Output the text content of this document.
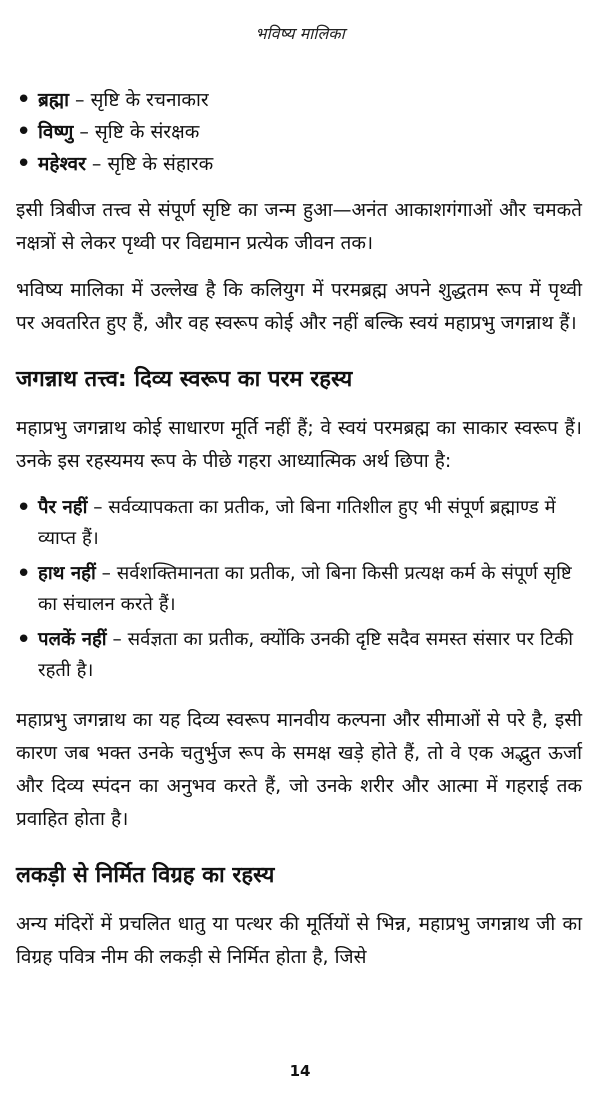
भविष्य मालिका
• ब्रह्मा – सृष्टि के रचनाकार
• विष्णु – सृष्टि के संरक्षक
• महेश्वर – सृष्टि के संहारक

इसी त्रिबीज तत्त्व से संपूर्ण सृष्टि का जन्म हुआ—अनंत आकाशगंगाओं और चमकते नक्षत्रों से लेकर पृथ्वी पर विद्यमान प्रत्येक जीवन तक।

भविष्य मालिका में उल्लेख है कि कलियुग में परमब्रह्म अपने शुद्धतम रूप में पृथ्वी पर अवतरित हुए हैं, और वह स्वरूप कोई और नहीं बल्कि स्वयं महाप्रभु जगन्नाथ हैं।

जगन्नाथ तत्त्व: दिव्य स्वरूप का परम रहस्य

महाप्रभु जगन्नाथ कोई साधारण मूर्ति नहीं हैं; वे स्वयं परमब्रह्म का साकार स्वरूप हैं। उनके इस रहस्यमय रूप के पीछे गहरा आध्यात्मिक अर्थ छिपा है:

• पैर नहीं – सर्वव्यापकता का प्रतीक, जो बिना गतिशील हुए भी संपूर्ण ब्रह्माण्ड में व्याप्त हैं।
• हाथ नहीं – सर्वशक्तिमानता का प्रतीक, जो बिना किसी प्रत्यक्ष कर्म के संपूर्ण सृष्टि का संचालन करते हैं।
• पलकें नहीं – सर्वज्ञता का प्रतीक, क्योंकि उनकी दृष्टि सदैव समस्त संसार पर टिकी रहती है।

महाप्रभु जगन्नाथ का यह दिव्य स्वरूप मानवीय कल्पना और सीमाओं से परे है, इसी कारण जब भक्त उनके चतुर्भुज रूप के समक्ष खड़े होते हैं, तो वे एक अद्भुत ऊर्जा और दिव्य स्पंदन का अनुभव करते हैं, जो उनके शरीर और आत्मा में गहराई तक प्रवाहित होता है।

लकड़ी से निर्मित विग्रह का रहस्य

अन्य मंदिरों में प्रचलित धातु या पत्थर की मूर्तियों से भिन्न, महाप्रभु जगन्नाथ जी का विग्रह पवित्र नीम की लकड़ी से निर्मित होता है, जिसे

14
